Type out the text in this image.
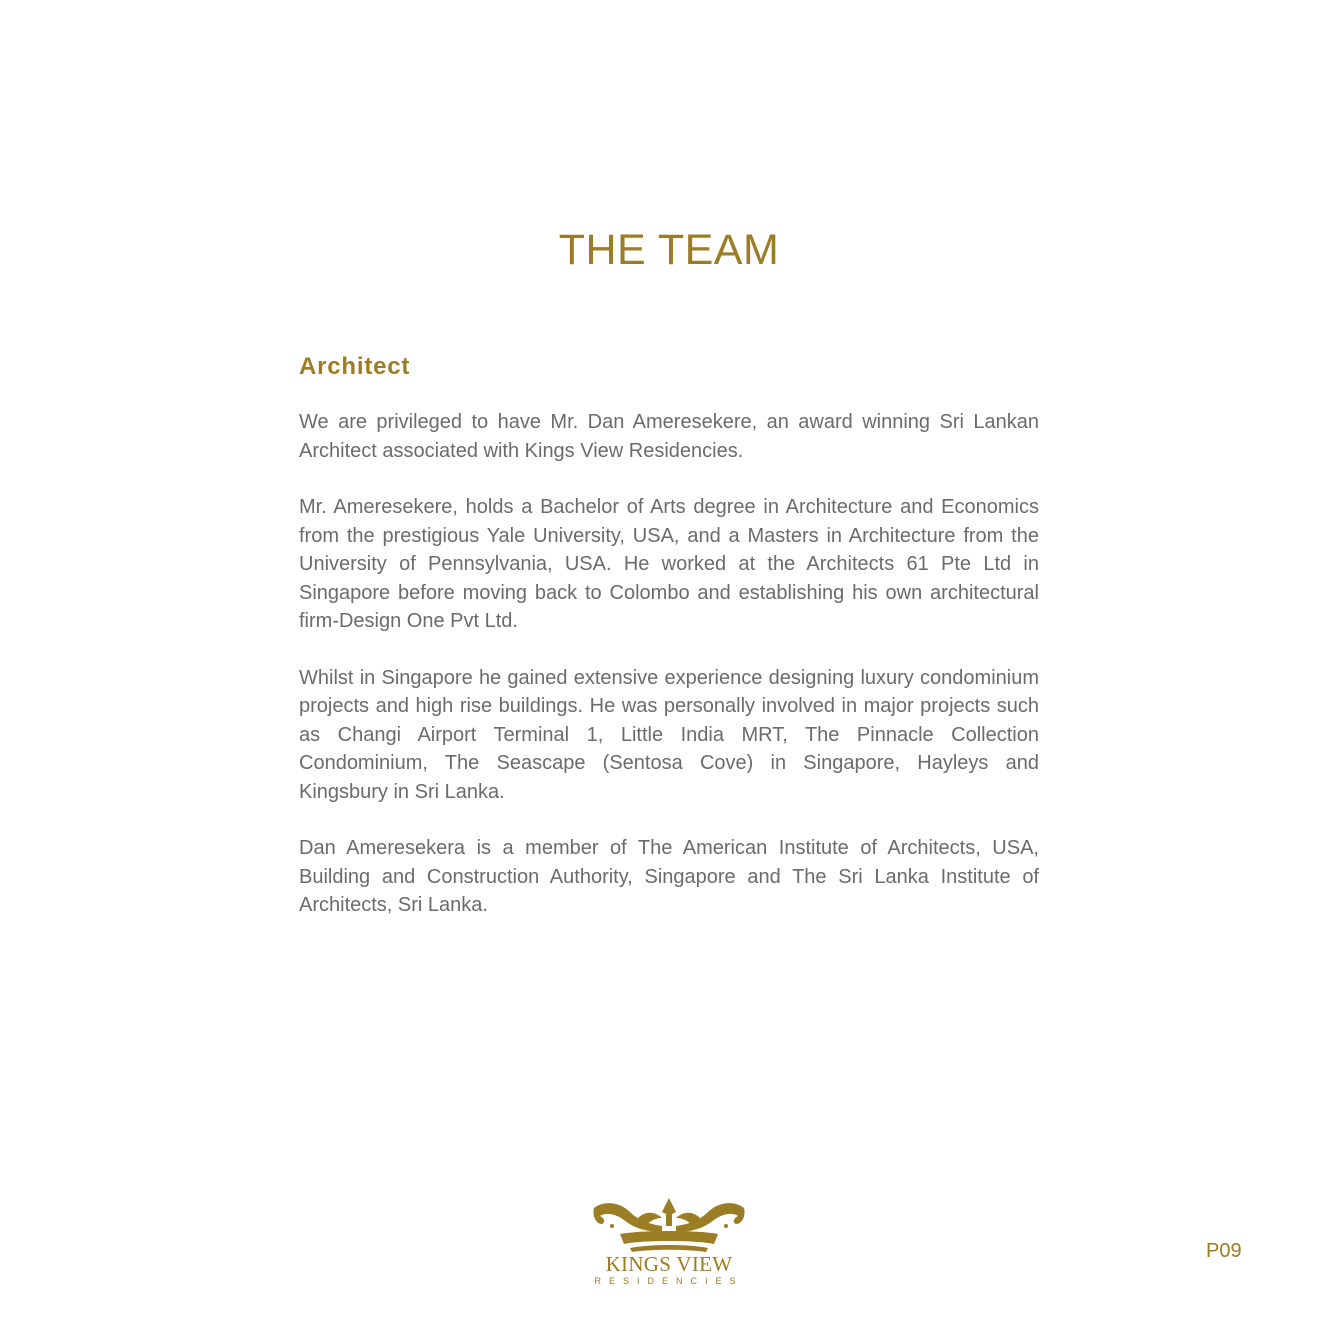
THE TEAM
Architect

We are privileged to have Mr. Dan Ameresekere, an award winning Sri Lankan Architect associated with Kings View Residencies.

Mr. Ameresekere, holds a Bachelor of Arts degree in Architecture and Economics from the prestigious Yale University, USA, and a Masters in Architecture from the University of Pennsylvania, USA. He worked at the Architects 61 Pte Ltd in Singapore before moving back to Colombo and establishing his own architectural firm-Design One Pvt Ltd.

Whilst in Singapore he gained extensive experience designing luxury condominium projects and high rise buildings. He was personally involved in major projects such as Changi Airport Terminal 1, Little India MRT, The Pinnacle Collection Condominium, The Seascape (Sentosa Cove) in Singapore, Hayleys and Kingsbury in Sri Lanka.

Dan Ameresekera is a member of The American Institute of Architects, USA, Building and Construction Authority, Singapore and The Sri Lanka Institute of Architects, Sri Lanka.

KINGS VIEW
RESIDENCIES
P09
